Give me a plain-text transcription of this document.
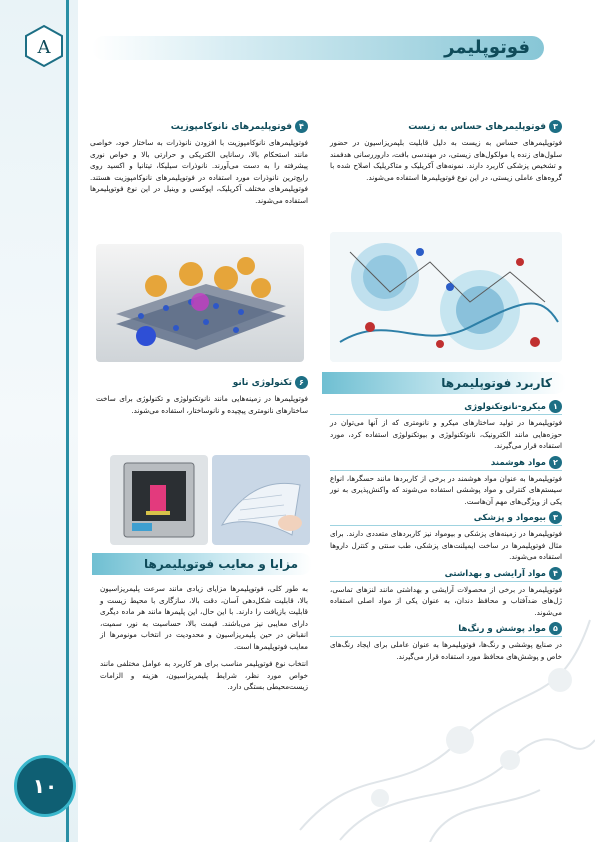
A

۱۰
فوتوپلیمر
۳فوتوپلیمرهای حساس به زیست
فوتوپلیمرهای حساس به زیست به دلیل قابلیت بلپمریزاسیون در حضور سلول‌های زنده یا مولکول‌های زیستی، در مهندسی بافت، داروررسانی هدفمند و تشخیص پزشکی کاربرد دارند. نمونه‌های آکریلیک و متاکریلیک اصلاح شده با گروه‌های عاملی زیستی، در این نوع فوتوپلیمرها استفاده می‌شوند.
کاربرد فوتوپلیمرها
۱میکرو-نانوتکنولوژی
فوتوپلیمرها در تولید ساختارهای میکرو و نانومتری که از آنها می‌توان در حوزه‌هایی مانند الکترونیک، نانوتکنولوژی و بیوتکنولوژی استفاده کرد، مورد استفاده قرار می‌گیرند.
۲مواد هوشمند
فوتوپلیمرها به عنوان مواد هوشمند در برخی از کاربردها مانند حسگرها، انواع سیستم‌های کنترلی و مواد پوششی استفاده می‌شوند که واکنش‌پذیری به نور یکی از ویژگی‌های مهم آن‌هاست.
۳بیومواد و پزشکی
فوتوپلیمرها در زمینه‌های پزشکی و بیومواد نیز کاربردهای متعددی دارند. برای مثال فوتوپلیمرها در ساخت ایمپلنت‌های پزشکی، طب سنتی و کنترل داروها استفاده می‌شوند.
۴مواد آرایشی و بهداشتی
فوتوپلیمرها در برخی از محصولات آرایشی و بهداشتی مانند لنزهای تماسی، ژل‌های ضدآفتاب و محافظ دندان، به عنوان یکی از مواد اصلی استفاده می‌شوند.
۵مواد پوشش و رنگ‌ها
در صنایع پوششی و رنگ‌ها، فوتوپلیمرها به عنوان عاملی برای ایجاد رنگ‌های خاص و پوشش‌های محافظ مورد استفاده قرار می‌گیرند.
۴فوتوپلیمرهای نانوکامپوزیت
فوتوپلیمرهای نانوکامپوزیت با افزودن نانوذرات به ساختار خود، خواصی مانند استحکام بالا، رسانایی الکتریکی و حرارتی بالا و خواص نوری پیشرفته را به دست می‌آورند. نانوذرات سیلیکا، تیتانیا و اکسید روی رایج‌ترین نانوذرات مورد استفاده در فوتوپلیمرهای نانوکامپوزیت هستند. فوتوپلیمرهای مختلف آکریلیک، اپوکسی و وینیل در این نوع فوتوپلیمرها استفاده می‌شوند.
۶تکنولوژی نانو
فوتوپلیمرها در زمینه‌هایی مانند نانوتکنولوژی و تکنولوژی برای ساخت ساختارهای نانومتری پیچیده و نانوساختار، استفاده می‌شوند.
مزایا و معایب فوتوپلیمرها
به طور کلی، فوتوپلیمرها مزایای زیادی مانند سرعت پلیمریزاسیون بالا، قابلیت شکل‌دهی آسان، دقت بالا، سازگاری با محیط زیست و قابلیت بازیافت را دارند. با این حال، این پلیمرها مانند هر ماده دیگری دارای معایبی نیز می‌باشند. قیمت بالا، حساسیت به نور، سمیت، انقباض در حین پلیمریزاسیون و محدودیت در انتخاب مونومرها از معایب فوتوپلیمرها است.
انتخاب نوع فوتوپلیمر مناسب برای هر کاربرد به عوامل مختلفی مانند خواص مورد نظر، شرایط پلیمریزاسیون، هزینه و الزامات زیست‌محیطی بستگی دارد.
